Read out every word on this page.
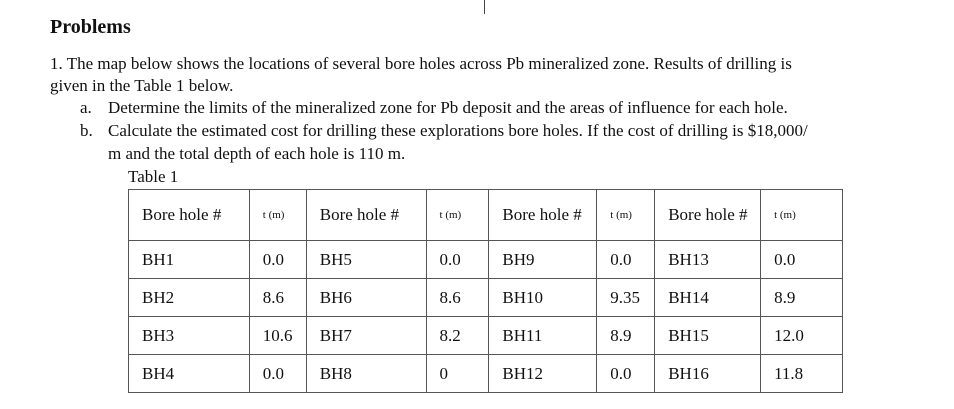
Problems
1. The map below shows the locations of several bore holes across Pb mineralized zone. Results of drilling is
given in the Table 1 below.
a. Determine the limits of the mineralized zone for Pb deposit and the areas of influence for each hole.
b. Calculate the estimated cost for drilling these explorations bore holes. If the cost of drilling is $18,000/
m and the total depth of each hole is 110 m.
Table 1
Bore hole #	t (m)	Bore hole #	t (m)	Bore hole #	t (m)	Bore hole #	t (m)
BH1	0.0	BH5	0.0	BH9	0.0	BH13	0.0
BH2	8.6	BH6	8.6	BH10	9.35	BH14	8.9
BH3	10.6	BH7	8.2	BH11	8.9	BH15	12.0
BH4	0.0	BH8	0	BH12	0.0	BH16	11.8
